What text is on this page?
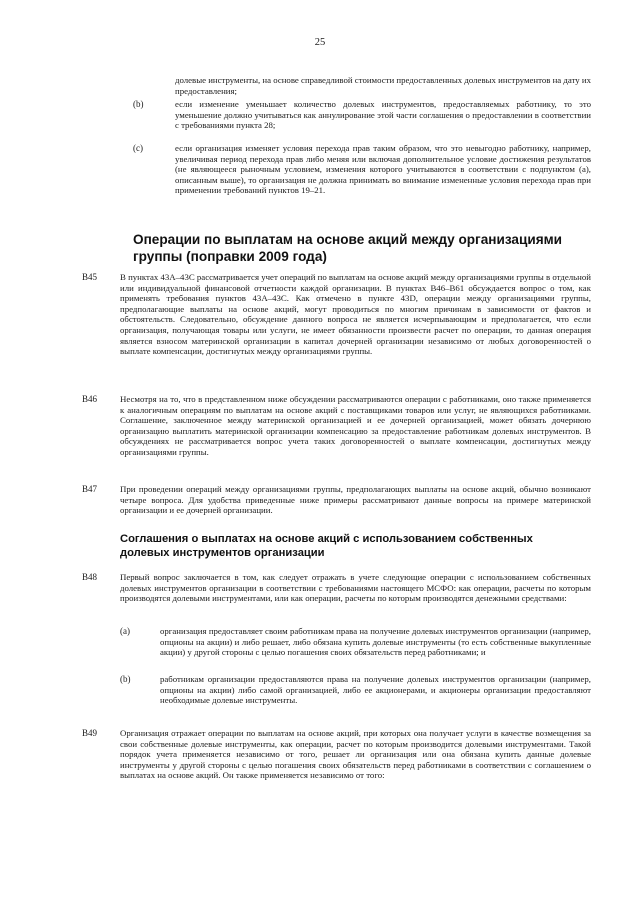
25

долевые инструменты, на основе справедливой стоимости предоставленных долевых инструментов на дату их предоставления;

(b)	если изменение уменьшает количество долевых инструментов, предоставляемых работнику, то это уменьшение должно учитываться как аннулирование этой части соглашения о предоставлении в соответствии с требованиями пункта 28;

(c)	если организация изменяет условия перехода прав таким образом, что это невыгодно работнику, например, увеличивая период перехода прав либо меняя или включая дополнительное условие достижения результатов (не являющееся рыночным условием, изменения которого учитываются в соответствии с подпунктом (а), описанным выше), то организация не должна принимать во внимание измененные условия перехода прав при применении требований пунктов 19–21.

Операции по выплатам на основе акций между организациями группы (поправки 2009 года)
B45	В пунктах 43А–43С рассматривается учет операций по выплатам на основе акций между организациями группы в отдельной или индивидуальной финансовой отчетности каждой организации. В пунктах В46–В61 обсуждается вопрос о том, как применять требования пунктов 43А–43С. Как отмечено в пункте 43D, операции между организациями группы, предполагающие выплаты на основе акций, могут проводиться по многим причинам в зависимости от фактов и обстоятельств. Следовательно, обсуждение данного вопроса не является исчерпывающим и предполагается, что если организация, получающая товары или услуги, не имеет обязанности произвести расчет по операции, то данная операция является взносом материнской организации в капитал дочерней организации независимо от любых договоренностей о выплате компенсации, достигнутых между организациями группы.

B46	Несмотря на то, что в представленном ниже обсуждении рассматриваются операции с работниками, оно также применяется к аналогичным операциям по выплатам на основе акций с поставщиками товаров или услуг, не являющихся работниками. Соглашение, заключенное между материнской организацией и ее дочерней организацией, может обязать дочернюю организацию выплатить материнской организации компенсацию за предоставление работникам долевых инструментов. В обсуждениях не рассматривается вопрос учета таких договоренностей о выплате компенсации, достигнутых между организациями группы.

B47	При проведении операций между организациями группы, предполагающих выплаты на основе акций, обычно возникают четыре вопроса. Для удобства приведенные ниже примеры рассматривают данные вопросы на примере материнской организации и ее дочерней организации.

Соглашения о выплатах на основе акций с использованием собственных долевых инструментов организации
B48	Первый вопрос заключается в том, как следует отражать в учете следующие операции с использованием собственных долевых инструментов организации в соответствии с требованиями настоящего МСФО: как операции, расчеты по которым производятся долевыми инструментами, или как операции, расчеты по которым производятся денежными средствами:

(a)	организация предоставляет своим работникам права на получение долевых инструментов организации (например, опционы на акции) и либо решает, либо обязана купить долевые инструменты (то есть собственные выкупленные акции) у другой стороны с целью погашения своих обязательств перед работниками; и

(b)	работникам организации предоставляются права на получение долевых инструментов организации (например, опционы на акции) либо самой организацией, либо ее акционерами, и акционеры организации предоставляют необходимые долевые инструменты.

B49	Организация отражает операции по выплатам на основе акций, при которых она получает услуги в качестве возмещения за свои собственные долевые инструменты, как операции, расчет по которым производится долевыми инструментами. Такой порядок учета применяется независимо от того, решает ли организация или она обязана купить данные долевые инструменты у другой стороны с целью погашения своих обязательств перед работниками в соответствии с соглашением о выплатах на основе акций. Он также применяется независимо от того:
